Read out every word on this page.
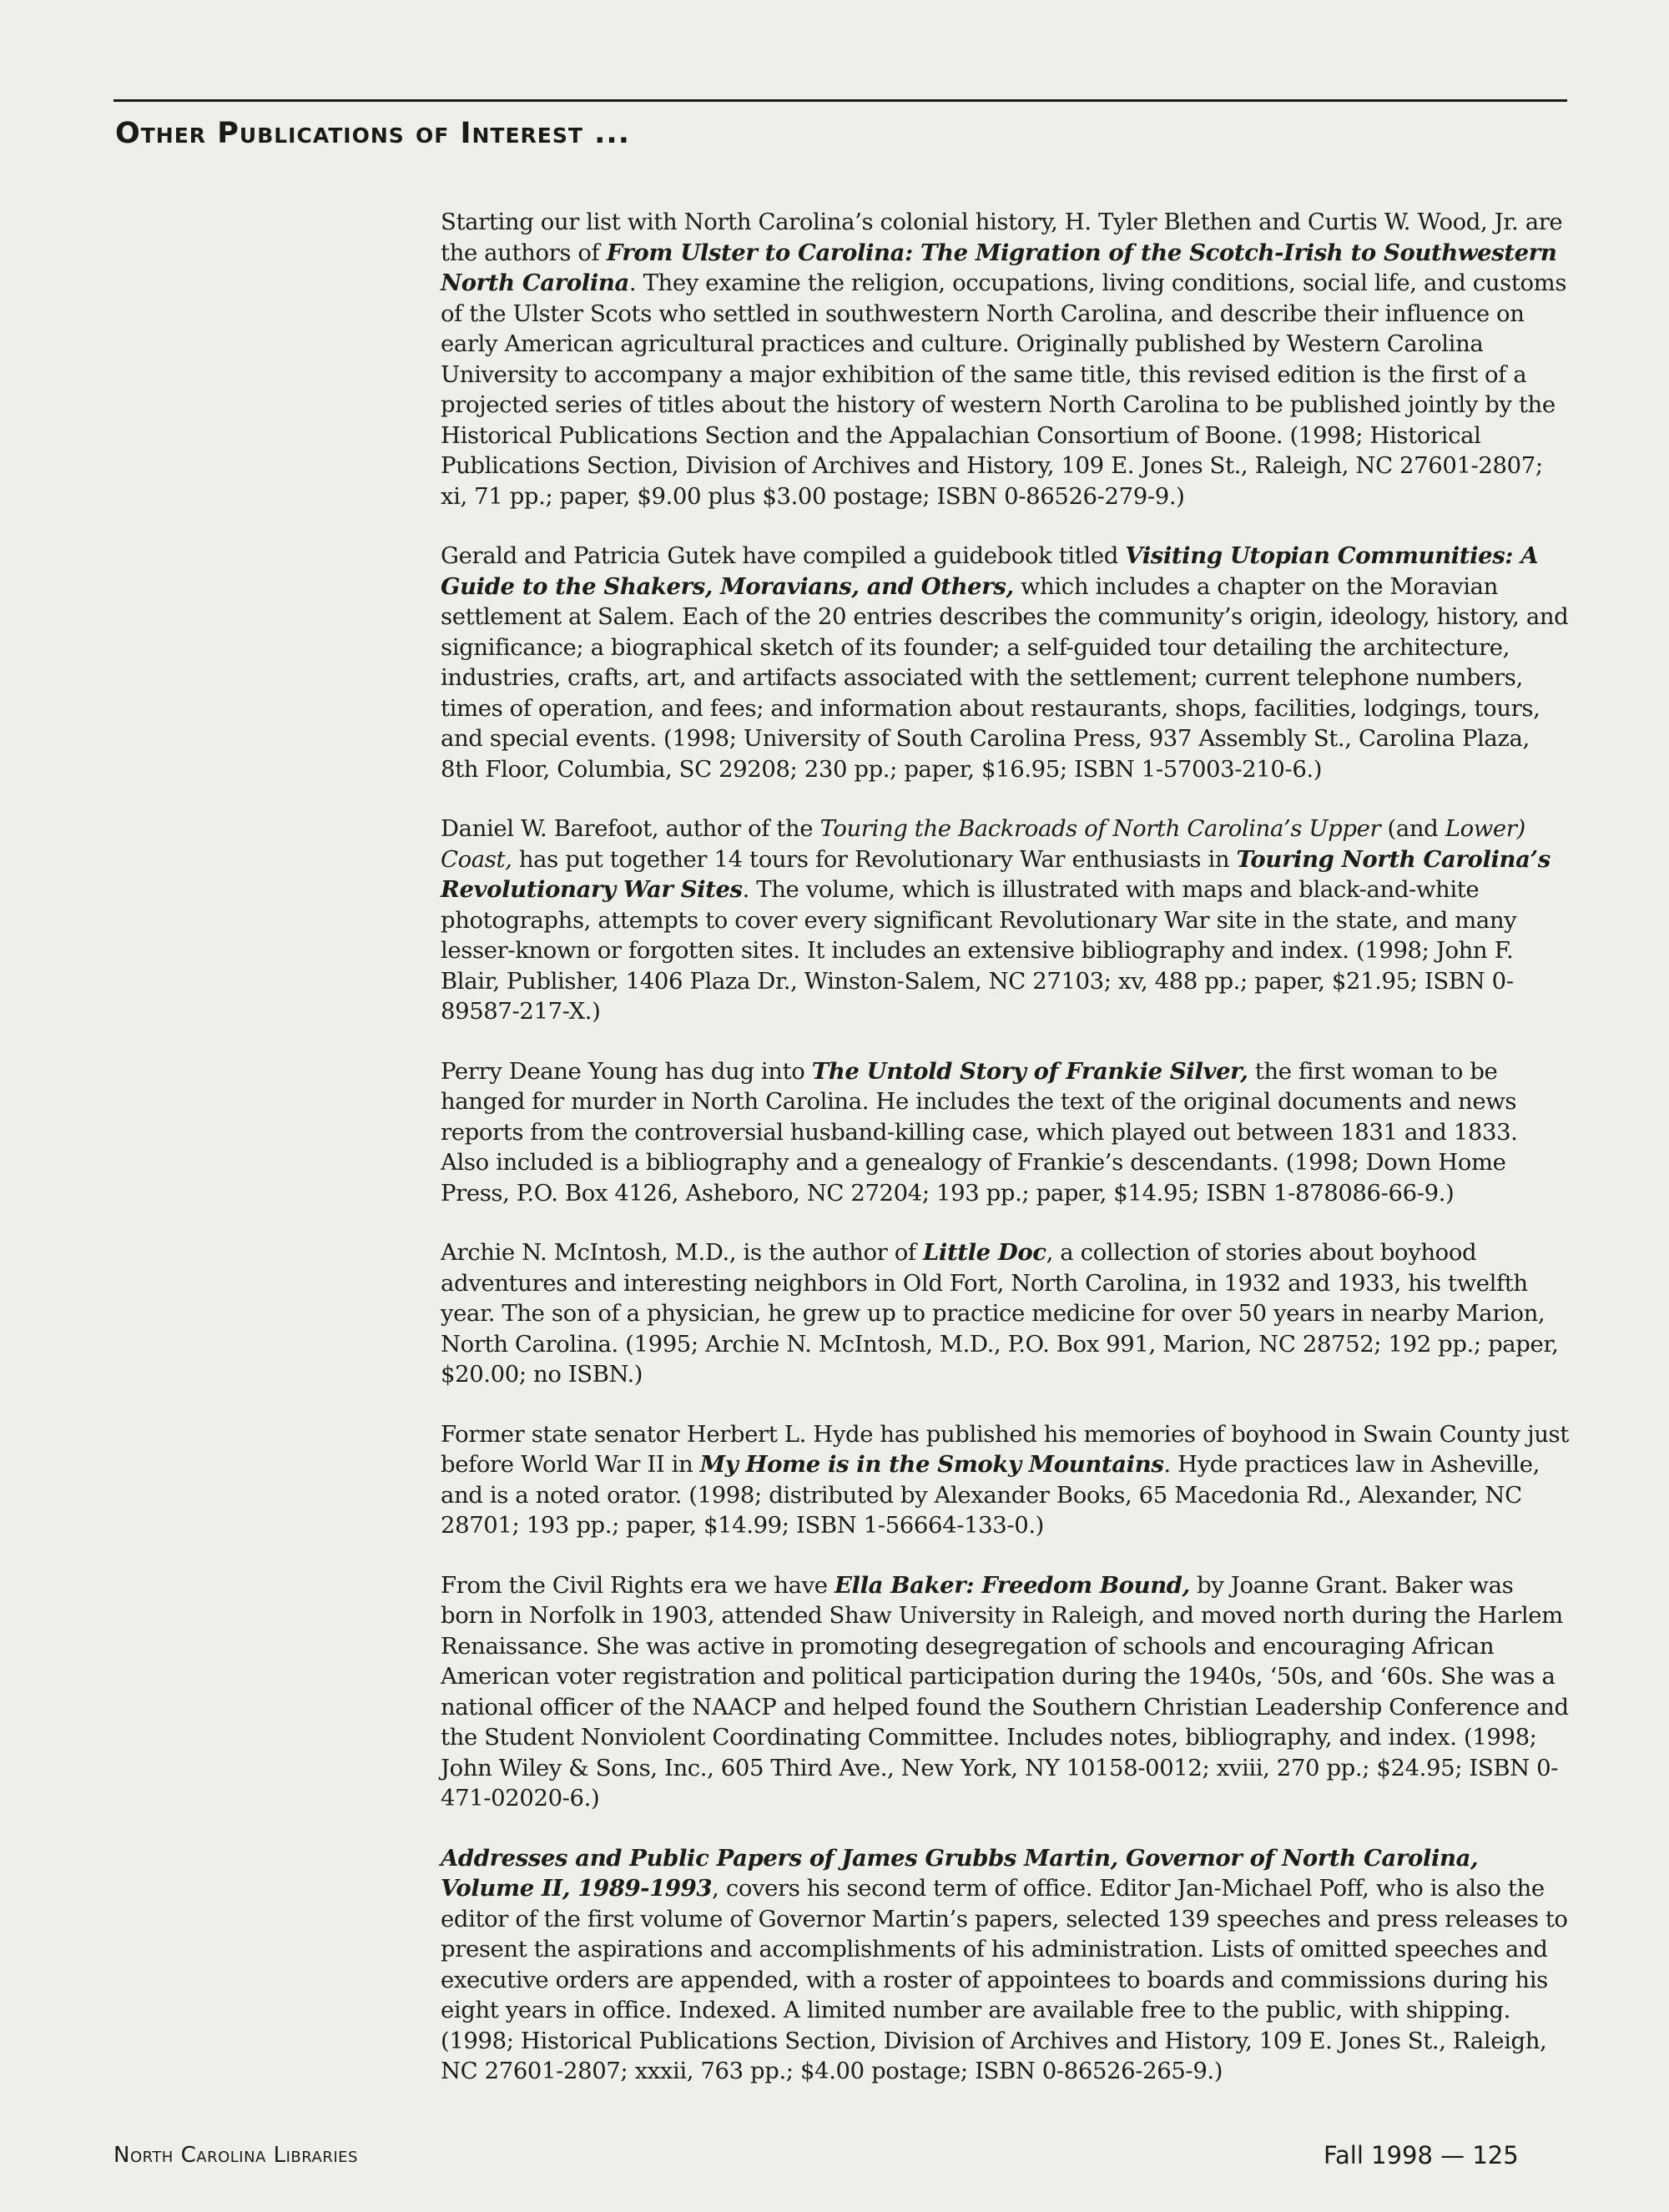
Other Publications of Interest ...

Starting our list with North Carolina’s colonial history, H. Tyler Blethen and Curtis W. Wood, Jr. are the authors of From Ulster to Carolina: The Migration of the Scotch-Irish to Southwestern North Carolina. They examine the religion, occupations, living conditions, social life, and customs of the Ulster Scots who settled in southwestern North Carolina, and describe their influence on early American agricultural practices and culture. Originally published by Western Carolina University to accompany a major exhibition of the same title, this revised edition is the first of a projected series of titles about the history of western North Carolina to be published jointly by the Historical Publications Section and the Appalachian Consortium of Boone. (1998; Historical Publications Section, Division of Archives and History, 109 E. Jones St., Raleigh, NC 27601-2807; xi, 71 pp.; paper, $9.00 plus $3.00 postage; ISBN 0-86526-279-9.)

Gerald and Patricia Gutek have compiled a guidebook titled Visiting Utopian Communities: A Guide to the Shakers, Moravians, and Others, which includes a chapter on the Moravian settlement at Salem. Each of the 20 entries describes the community’s origin, ideology, history, and significance; a biographical sketch of its founder; a self-guided tour detailing the architecture, industries, crafts, art, and artifacts associated with the settlement; current telephone numbers, times of operation, and fees; and information about restaurants, shops, facilities, lodgings, tours, and special events. (1998; University of South Carolina Press, 937 Assembly St., Carolina Plaza, 8th Floor, Columbia, SC 29208; 230 pp.; paper, $16.95; ISBN 1-57003-210-6.)

Daniel W. Barefoot, author of the Touring the Backroads of North Carolina’s Upper (and Lower) Coast, has put together 14 tours for Revolutionary War enthusiasts in Touring North Carolina’s Revolutionary War Sites. The volume, which is illustrated with maps and black-and-white photographs, attempts to cover every significant Revolutionary War site in the state, and many lesser-known or forgotten sites. It includes an extensive bibliography and index. (1998; John F. Blair, Publisher, 1406 Plaza Dr., Winston-Salem, NC 27103; xv, 488 pp.; paper, $21.95; ISBN 0-89587-217-X.)

Perry Deane Young has dug into The Untold Story of Frankie Silver, the first woman to be hanged for murder in North Carolina. He includes the text of the original documents and news reports from the controversial husband-killing case, which played out between 1831 and 1833. Also included is a bibliography and a genealogy of Frankie’s descendants. (1998; Down Home Press, P.O. Box 4126, Asheboro, NC 27204; 193 pp.; paper, $14.95; ISBN 1-878086-66-9.)

Archie N. McIntosh, M.D., is the author of Little Doc, a collection of stories about boyhood adventures and interesting neighbors in Old Fort, North Carolina, in 1932 and 1933, his twelfth year. The son of a physician, he grew up to practice medicine for over 50 years in nearby Marion, North Carolina. (1995; Archie N. McIntosh, M.D., P.O. Box 991, Marion, NC 28752; 192 pp.; paper, $20.00; no ISBN.)

Former state senator Herbert L. Hyde has published his memories of boyhood in Swain County just before World War II in My Home is in the Smoky Mountains. Hyde practices law in Asheville, and is a noted orator. (1998; distributed by Alexander Books, 65 Macedonia Rd., Alexander, NC 28701; 193 pp.; paper, $14.99; ISBN 1-56664-133-0.)

From the Civil Rights era we have Ella Baker: Freedom Bound, by Joanne Grant. Baker was born in Norfolk in 1903, attended Shaw University in Raleigh, and moved north during the Harlem Renaissance. She was active in promoting desegregation of schools and encouraging African American voter registration and political participation during the 1940s, ‘50s, and ‘60s. She was a national officer of the NAACP and helped found the Southern Christian Leadership Conference and the Student Nonviolent Coordinating Committee. Includes notes, bibliography, and index. (1998; John Wiley & Sons, Inc., 605 Third Ave., New York, NY 10158-0012; xviii, 270 pp.; $24.95; ISBN 0-471-02020-6.)

Addresses and Public Papers of James Grubbs Martin, Governor of North Carolina, Volume II, 1989-1993, covers his second term of office. Editor Jan-Michael Poff, who is also the editor of the first volume of Governor Martin’s papers, selected 139 speeches and press releases to present the aspirations and accomplishments of his administration. Lists of omitted speeches and executive orders are appended, with a roster of appointees to boards and commissions during his eight years in office. Indexed. A limited number are available free to the public, with shipping. (1998; Historical Publications Section, Division of Archives and History, 109 E. Jones St., Raleigh, NC 27601-2807; xxxii, 763 pp.; $4.00 postage; ISBN 0-86526-265-9.)

North Carolina Libraries	Fall 1998 — 125
